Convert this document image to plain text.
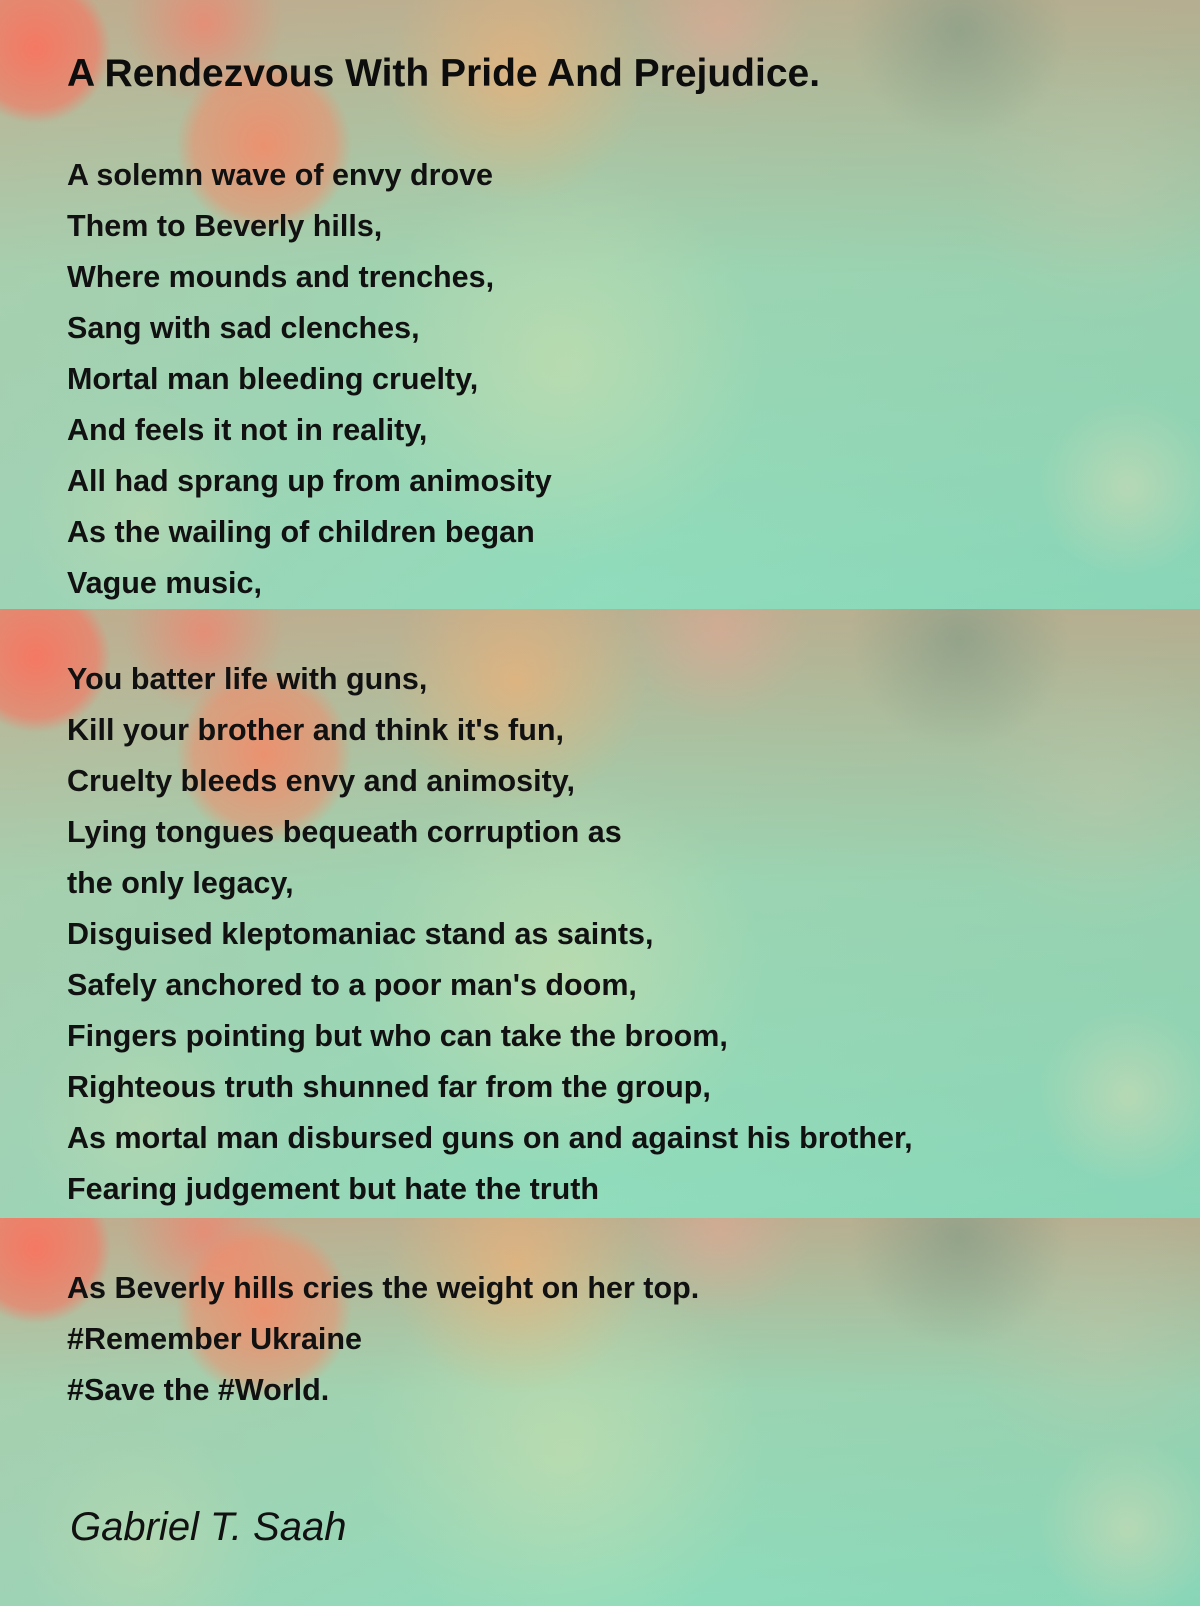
A Rendezvous With Pride And Prejudice.
A solemn wave of envy drove
Them to Beverly hills,
Where mounds and trenches,
Sang with sad clenches,
Mortal man bleeding cruelty,
And feels it not in reality,
All had sprang up from animosity
As the wailing of children began
Vague music,
You batter life with guns,
Kill your brother and think it's fun,
Cruelty bleeds envy and animosity,
Lying tongues bequeath corruption as
the only legacy,
Disguised kleptomaniac stand as saints,
Safely anchored to a poor man's doom,
Fingers pointing but who can take the broom,
Righteous truth shunned far from the group,
As mortal man disbursed guns on and against his brother,
Fearing judgement but hate the truth
As Beverly hills cries the weight on her top.
#Remember Ukraine
#Save the #World.
Gabriel T. Saah
